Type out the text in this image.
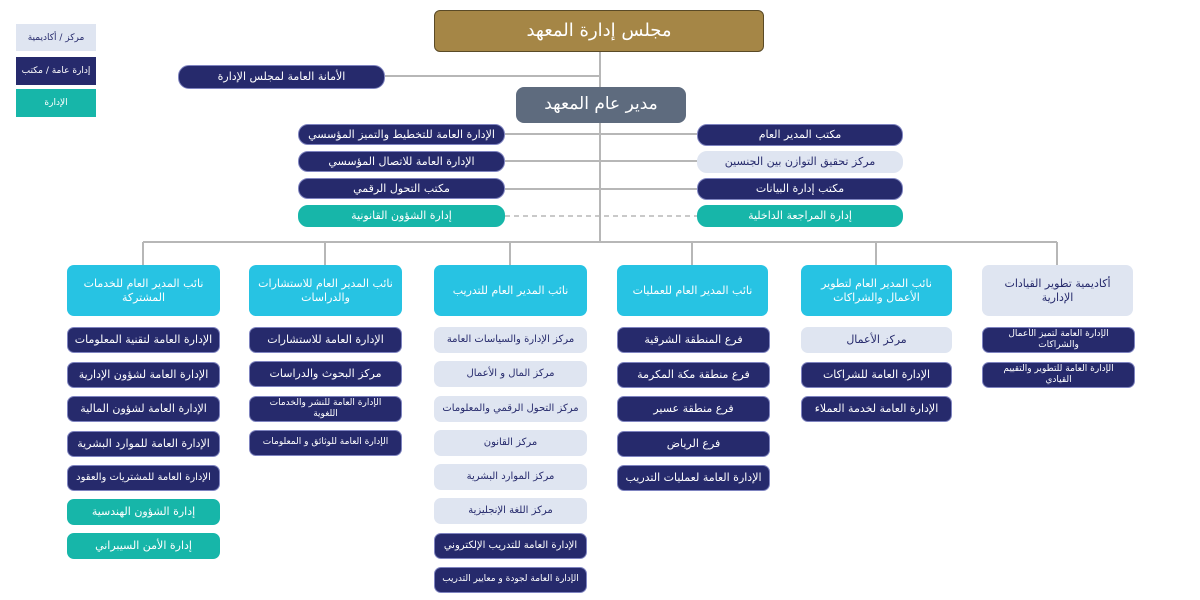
مركز / أكاديمية
إدارة عامة / مكتب
الإدارة
مجلس إدارة المعهد
الأمانة العامة لمجلس الإدارة
مدير عام المعهد
الإدارة العامة للتخطيط والتميز المؤسسي
الإدارة العامة للاتصال المؤسسي
مكتب التحول الرقمي
إدارة الشؤون القانونية
مكتب المدير العام
مركز تحقيق التوازن بين الجنسين
مكتب إدارة البيانات
إدارة المراجعة الداخلية
أكاديمية تطوير القيادات الإدارية
نائب المدير العام لتطوير الأعمال والشراكات
نائب المدير العام للعمليات
نائب المدير العام للتدريب
نائب المدير العام للاستشارات والدراسات
نائب المدير العام للخدمات المشتركة
الإدارة العامة لتميز الأعمال والشراكات
الإدارة العامة للتطوير والتقييم القيادي
مركز الأعمال
الإدارة العامة للشراكات
الإدارة العامة لخدمة العملاء
فرع المنطقة الشرقية
فرع منطقة مكة المكرمة
فرع منطقة عسير
فرع الرياض
الإدارة العامة لعمليات التدريب
مركز الإدارة والسياسات العامة
مركز المال و الأعمال
مركز التحول الرقمي والمعلومات
مركز القانون
مركز الموارد البشرية
مركز اللغة الإنجليزية
الإدارة العامة للتدريب الإلكتروني
الإدارة العامة لجودة و معايير التدريب
الإدارة العامة للاستشارات
مركز البحوث والدراسات
الإدارة العامة للنشر والخدمات اللغوية
الإدارة العامة للوثائق و المعلومات
الإدارة العامة لتقنية المعلومات
الإدارة العامة لشؤون الإدارية
الإدارة العامة لشؤون المالية
الإدارة العامة للموارد البشرية
الإدارة العامة للمشتريات والعقود
إدارة الشؤون الهندسية
إدارة الأمن السيبراني
